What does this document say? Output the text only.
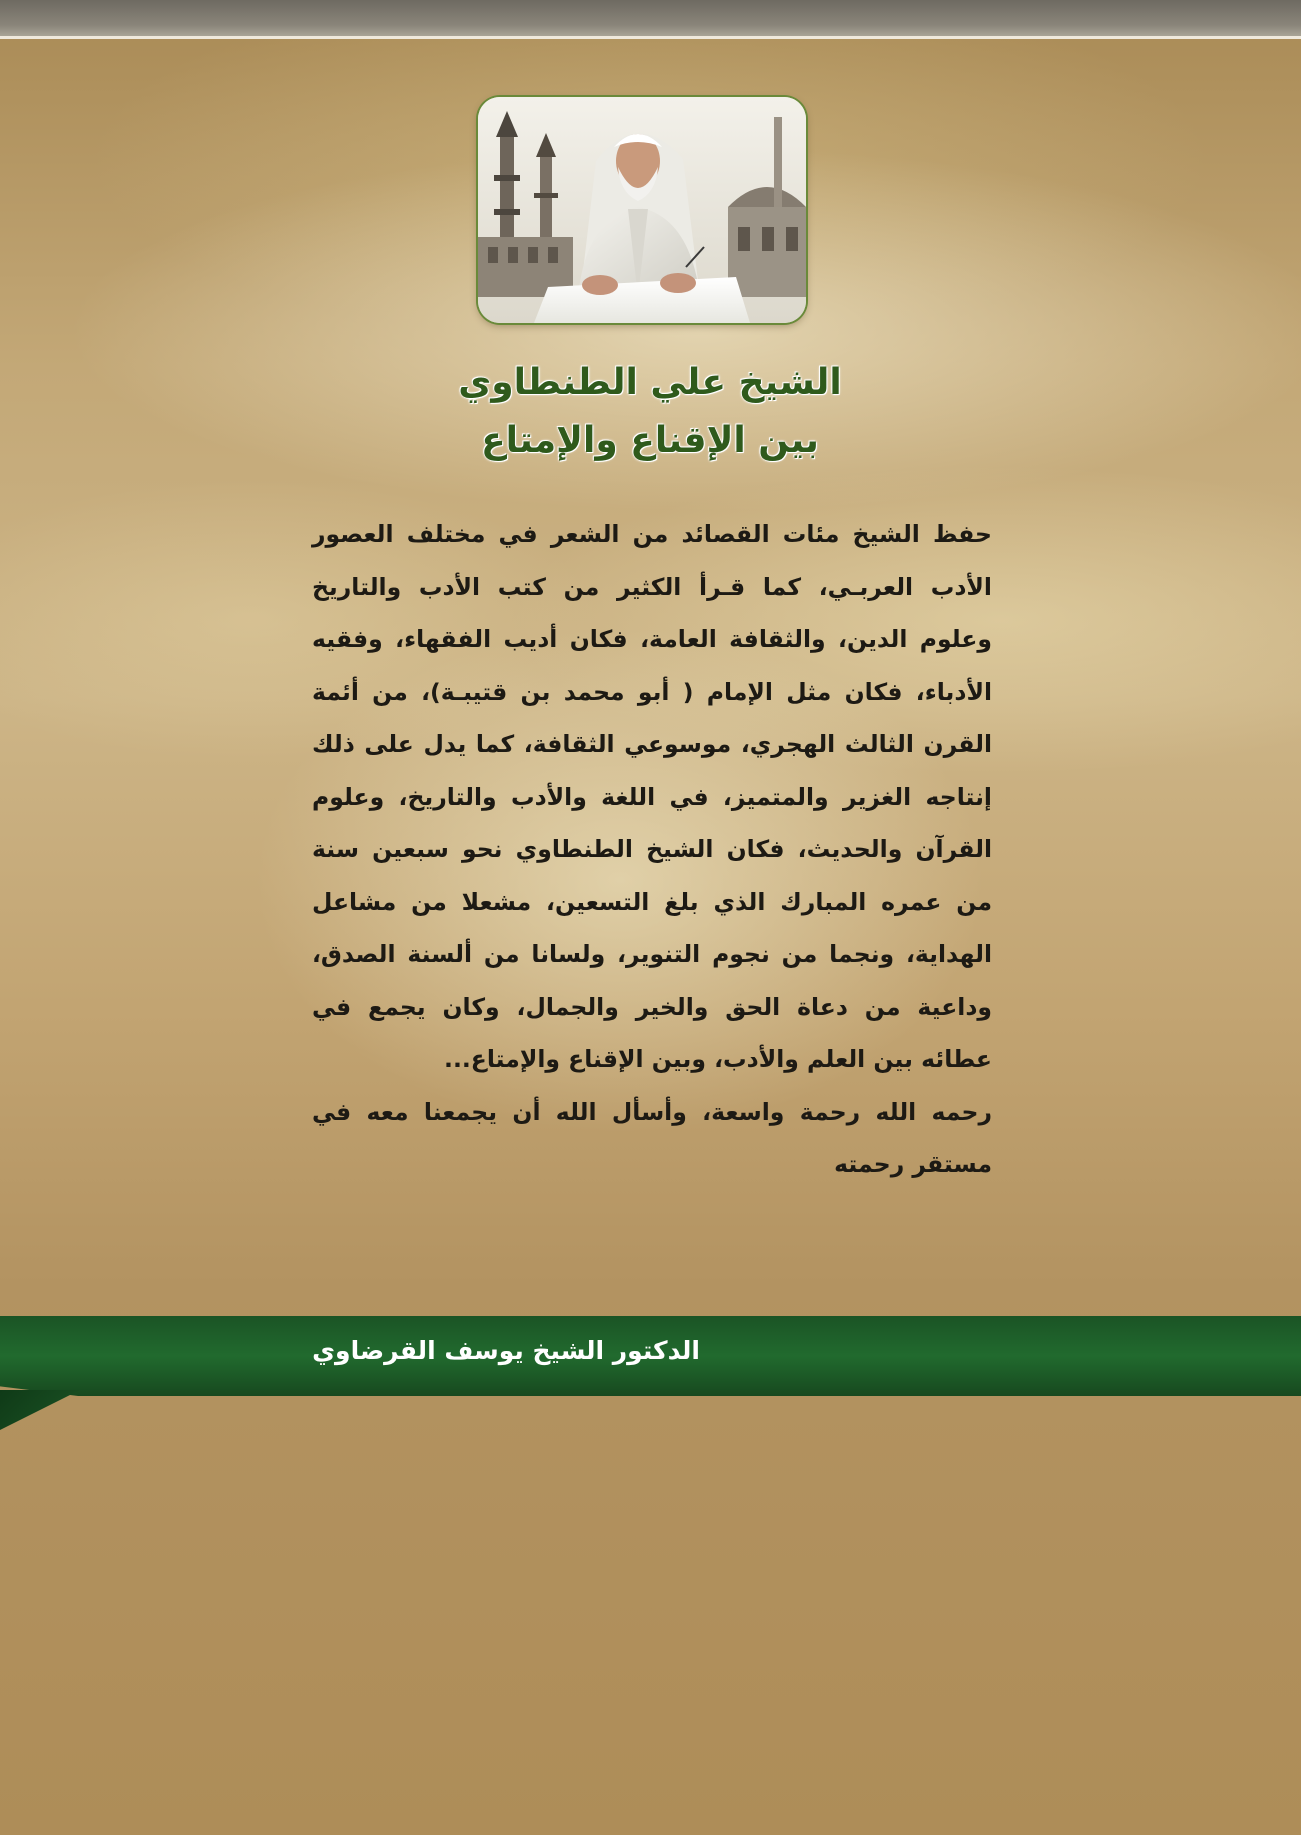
الشيخ علي الطنطاوي
بين الإقناع والإمتاع

حفظ الشيخ مئات القصائد من الشعر في مختلف العصور الأدب العربـي، كما قـرأ الكثير من كتب الأدب والتاريخ وعلوم الدين، والثقافة العامة، فكان أديب الفقهاء، وفقيه الأدباء، فكان مثل الإمام ( أبو محمد بن قتيبـة)، من أئمة القرن الثالث الهجري، موسوعي الثقافة، كما يدل على ذلك إنتاجه الغزير والمتميز، في اللغة والأدب والتاريخ، وعلوم القرآن والحديث، فكان الشيخ الطنطاوي نحو سبعين سنة من عمره المبارك الذي بلغ التسعين، مشعلا من مشاعل الهداية، ونجما من نجوم التنوير، ولسانا من ألسنة الصدق، وداعية من دعاة الحق والخير والجمال، وكان يجمع في عطائه بين العلم والأدب، وبين الإقناع والإمتاع...

رحمه الله رحمة واسعة، وأسأل الله أن يجمعنا معه في مستقر رحمته

الدكتور الشيخ يوسف القرضاوي
